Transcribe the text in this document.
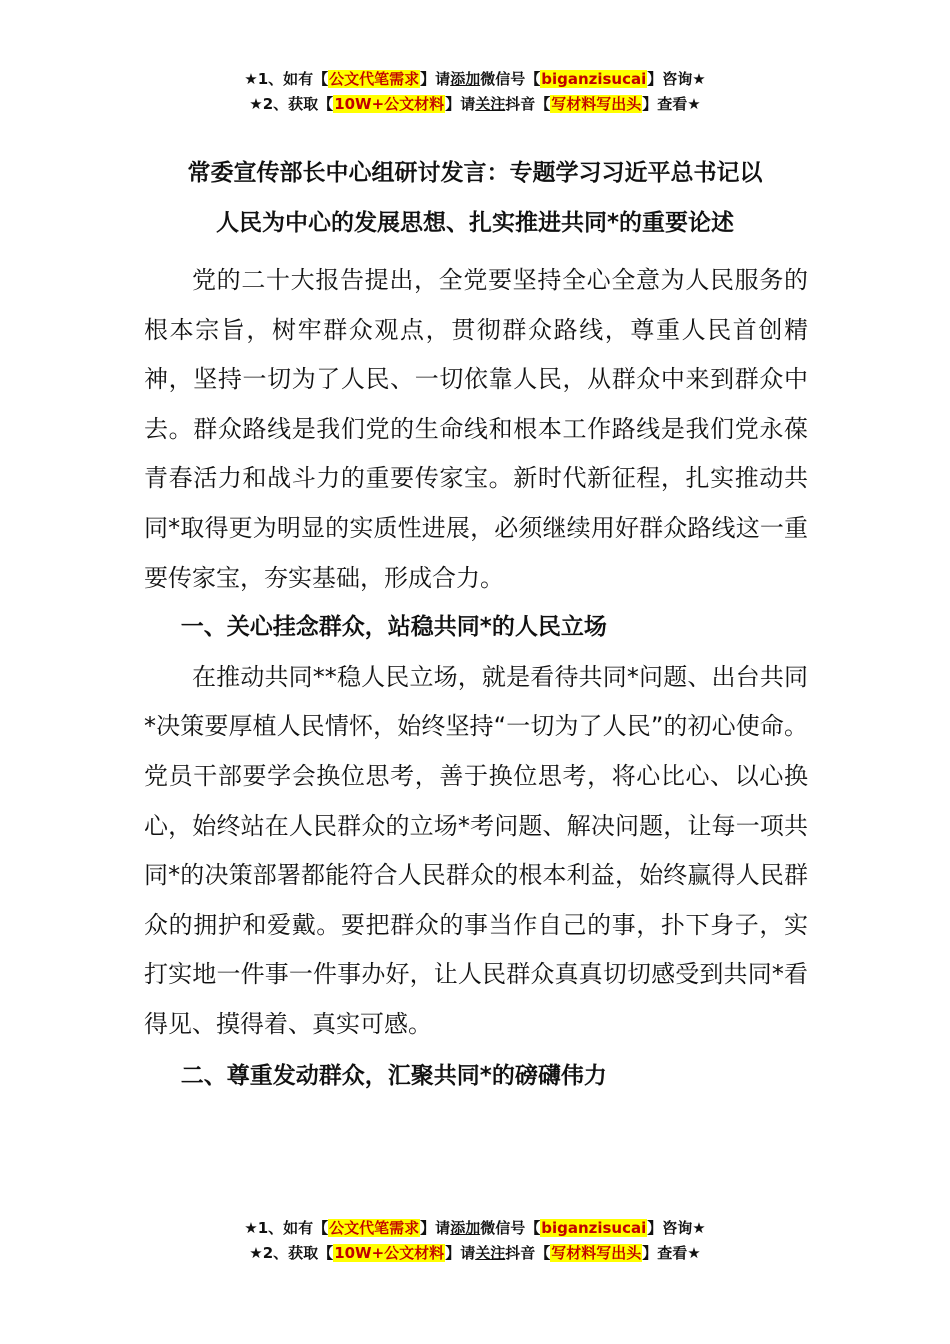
★1、如有【公文代笔需求】请添加微信号【biganzisucai】咨询★
★2、获取【10W+公文材料】请关注抖音【写材料写出头】查看★
常委宣传部长中心组研讨发言：专题学习习近平总书记以
人民为中心的发展思想、扎实推进共同*的重要论述

党的二十大报告提出，全党要坚持全心全意为人民服务的根本宗旨，树牢群众观点，贯彻群众路线，尊重人民首创精神，坚持一切为了人民、一切依靠人民，从群众中来到群众中去。群众路线是我们党的生命线和根本工作路线是我们党永葆青春活力和战斗力的重要传家宝。新时代新征程，扎实推动共同*取得更为明显的实质性进展，必须继续用好群众路线这一重要传家宝，夯实基础，形成合力。

一、关心挂念群众，站稳共同*的人民立场

在推动共同**稳人民立场，就是看待共同*问题、出台共同*决策要厚植人民情怀，始终坚持“一切为了人民”的初心使命。党员干部要学会换位思考，善于换位思考，将心比心、以心换心，始终站在人民群众的立场*考问题、解决问题，让每一项共同*的决策部署都能符合人民群众的根本利益，始终赢得人民群众的拥护和爱戴。要把群众的事当作自己的事，扑下身子，实打实地一件事一件事办好，让人民群众真真切切感受到共同*看得见、摸得着、真实可感。

二、尊重发动群众，汇聚共同*的磅礴伟力

★1、如有【公文代笔需求】请添加微信号【biganzisucai】咨询★
★2、获取【10W+公文材料】请关注抖音【写材料写出头】查看★
